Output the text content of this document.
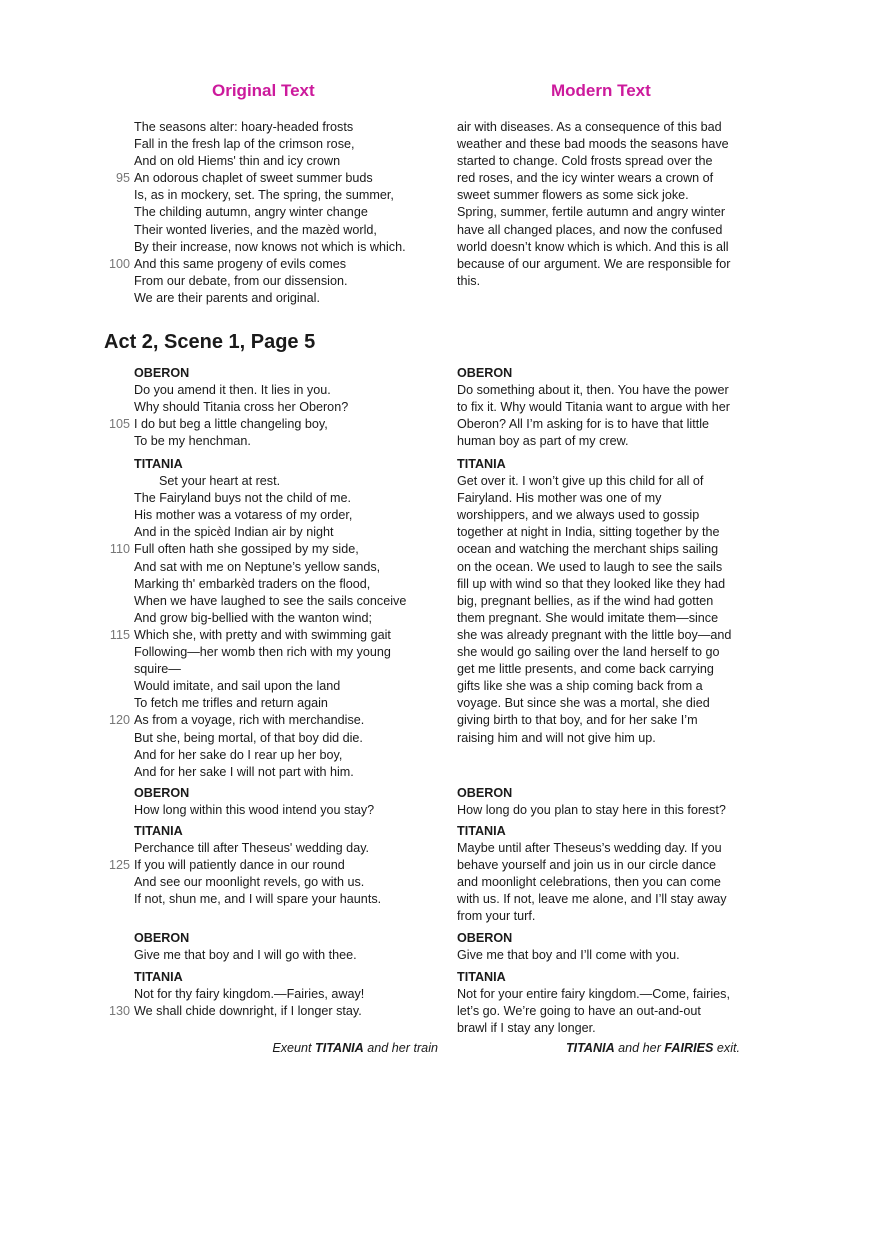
Original Text	Modern Text
The seasons alter: hoary-headed frosts
Fall in the fresh lap of the crimson rose,
And on old Hiems' thin and icy crown
95 An odorous chaplet of sweet summer buds
Is, as in mockery, set. The spring, the summer,
The childing autumn, angry winter change
Their wonted liveries, and the mazèd world,
By their increase, now knows not which is which.
100 And this same progeny of evils comes
From our debate, from our dissension.
We are their parents and original.
air with diseases. As a consequence of this bad
weather and these bad moods the seasons have
started to change. Cold frosts spread over the
red roses, and the icy winter wears a crown of
sweet summer flowers as some sick joke.
Spring, summer, fertile autumn and angry winter
have all changed places, and now the confused
world doesn’t know which is which. And this is all
because of our argument. We are responsible for
this.
Act 2, Scene 1, Page 5
OBERON
Do you amend it then. It lies in you.
Why should Titania cross her Oberon?
105 I do but beg a little changeling boy,
To be my henchman.
OBERON
Do something about it, then. You have the power
to fix it. Why would Titania want to argue with her
Oberon? All I’m asking for is to have that little
human boy as part of my crew.
TITANIA
Set your heart at rest.
The Fairyland buys not the child of me.
His mother was a votaress of my order,
And in the spicèd Indian air by night
110 Full often hath she gossiped by my side,
And sat with me on Neptune’s yellow sands,
Marking th' embarkèd traders on the flood,
When we have laughed to see the sails conceive
And grow big-bellied with the wanton wind;
115 Which she, with pretty and with swimming gait
Following—her womb then rich with my young
squire—
Would imitate, and sail upon the land
To fetch me trifles and return again
120 As from a voyage, rich with merchandise.
But she, being mortal, of that boy did die.
And for her sake do I rear up her boy,
And for her sake I will not part with him.
TITANIA
Get over it. I won’t give up this child for all of
Fairyland. His mother was one of my
worshippers, and we always used to gossip
together at night in India, sitting together by the
ocean and watching the merchant ships sailing
on the ocean. We used to laugh to see the sails
fill up with wind so that they looked like they had
big, pregnant bellies, as if the wind had gotten
them pregnant. She would imitate them—since
she was already pregnant with the little boy—and
she would go sailing over the land herself to go
get me little presents, and come back carrying
gifts like she was a ship coming back from a
voyage. But since she was a mortal, she died
giving birth to that boy, and for her sake I’m
raising him and will not give him up.
OBERON
How long within this wood intend you stay?
OBERON
How long do you plan to stay here in this forest?
TITANIA
Perchance till after Theseus' wedding day.
125 If you will patiently dance in our round
And see our moonlight revels, go with us.
If not, shun me, and I will spare your haunts.
TITANIA
Maybe until after Theseus’s wedding day. If you
behave yourself and join us in our circle dance
and moonlight celebrations, then you can come
with us. If not, leave me alone, and I’ll stay away
from your turf.
OBERON
Give me that boy and I will go with thee.
OBERON
Give me that boy and I’ll come with you.
TITANIA
Not for thy fairy kingdom.—Fairies, away!
130 We shall chide downright, if I longer stay.
TITANIA
Not for your entire fairy kingdom.—Come, fairies,
let’s go. We’re going to have an out-and-out
brawl if I stay any longer.
Exeunt TITANIA and her train	TITANIA and her FAIRIES exit.
